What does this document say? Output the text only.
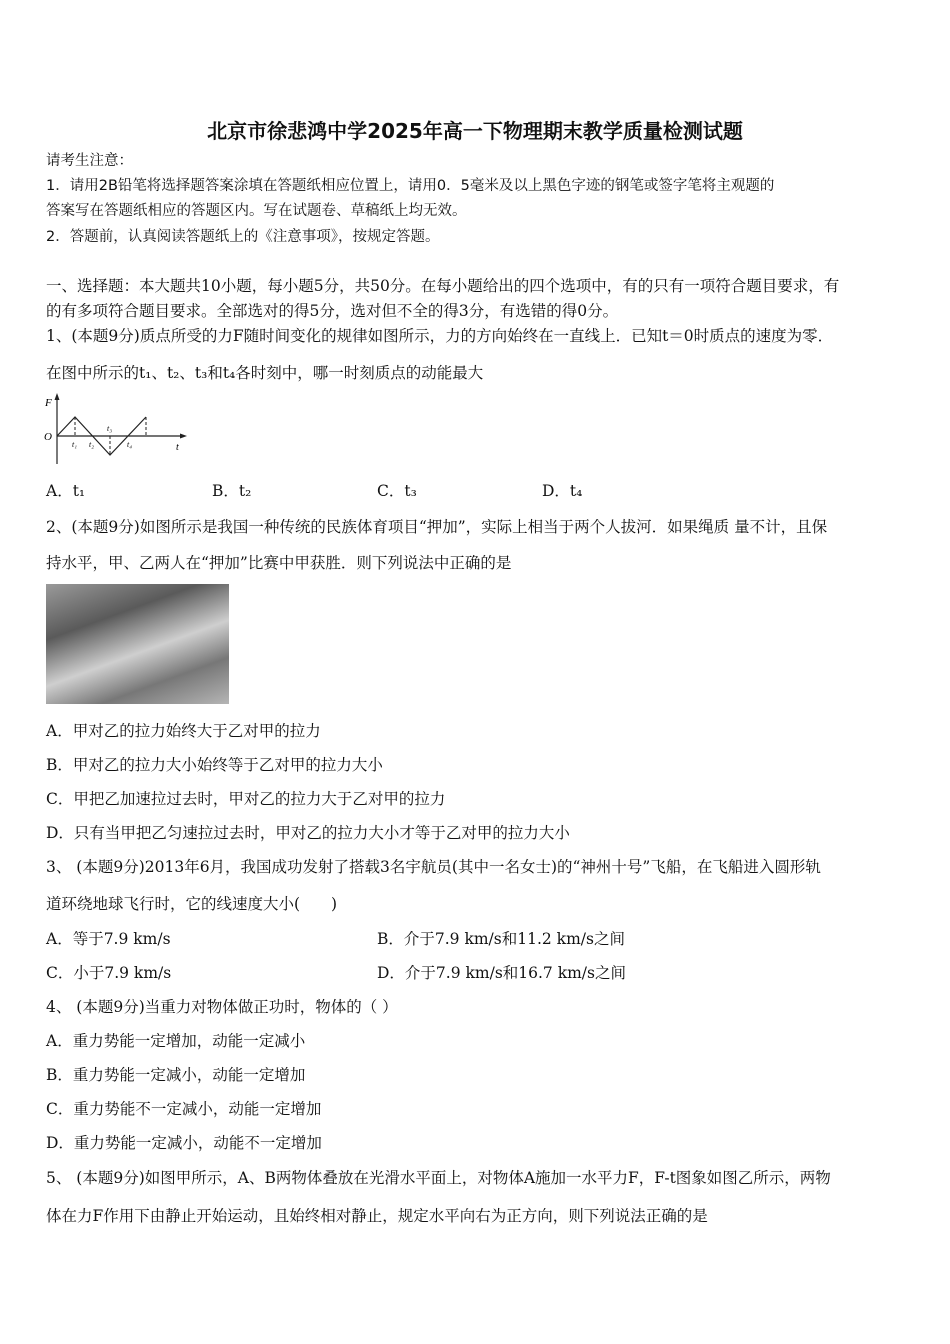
北京市徐悲鸿中学2025年高一下物理期末教学质量检测试题
请考生注意：
1．请用2B铅笔将选择题答案涂填在答题纸相应位置上，请用0．5毫米及以上黑色字迹的钢笔或签字笔将主观题的
答案写在答题纸相应的答题区内。写在试题卷、草稿纸上均无效。
2．答题前，认真阅读答题纸上的《注意事项》，按规定答题。
一、选择题：本大题共10小题，每小题5分，共50分。在每小题给出的四个选项中，有的只有一项符合题目要求，有
的有多项符合题目要求。全部选对的得5分，选对但不全的得3分，有选错的得0分。
1、(本题9分)质点所受的力F随时间变化的规律如图所示，力的方向始终在一直线上．已知t＝0时质点的速度为零．
在图中所示的t₁、t₂、t₃和t₄各时刻中，哪一时刻质点的动能最大
F
O
t
t₁ t₂
t₃
t₄
A．t₁	B．t₂	C．t₃	D．t₄
2、(本题9分)如图所示是我国一种传统的民族体育项目“押加”，实际上相当于两个人拔河．如果绳质 量不计，且保
持水平，甲、乙两人在“押加”比赛中甲获胜．则下列说法中正确的是
A．甲对乙的拉力始终大于乙对甲的拉力
B．甲对乙的拉力大小始终等于乙对甲的拉力大小
C．甲把乙加速拉过去时，甲对乙的拉力大于乙对甲的拉力
D．只有当甲把乙匀速拉过去时，甲对乙的拉力大小才等于乙对甲的拉力大小
3、 (本题9分)2013年6月，我国成功发射了搭载3名宇航员(其中一名女士)的“神州十号”飞船，在飞船进入圆形轨
道环绕地球飞行时，它的线速度大小(　　)
A．等于7.9 km/s	B．介于7.9 km/s和11.2 km/s之间
C．小于7.9 km/s	D．介于7.9 km/s和16.7 km/s之间
4、 (本题9分)当重力对物体做正功时，物体的（ ）
A．重力势能一定增加，动能一定减小
B．重力势能一定减小，动能一定增加
C．重力势能不一定减小，动能一定增加
D．重力势能一定减小，动能不一定增加
5、 (本题9分)如图甲所示，A、B两物体叠放在光滑水平面上，对物体A施加一水平力F，F-t图象如图乙所示，两物
体在力F作用下由静止开始运动，且始终相对静止，规定水平向右为正方向，则下列说法正确的是
